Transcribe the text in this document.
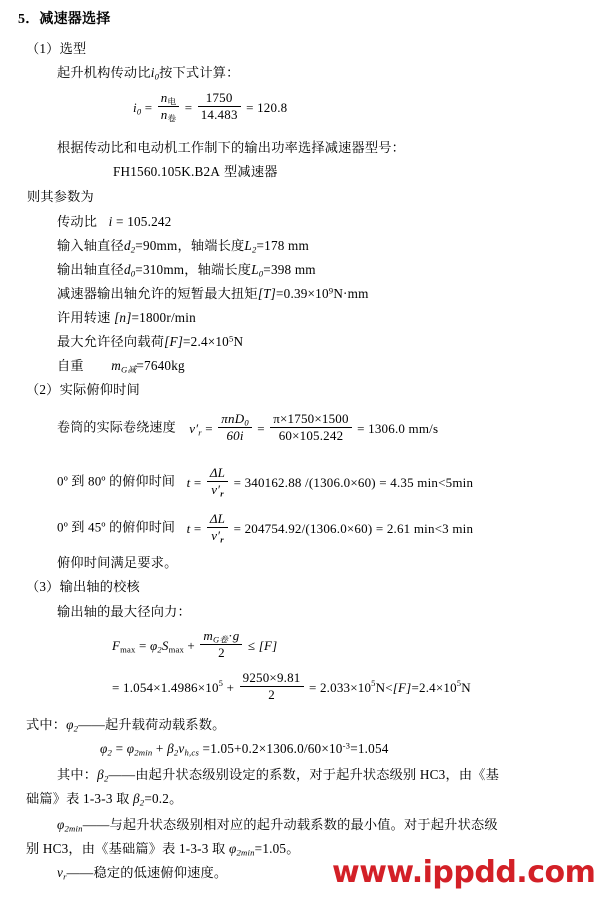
5．减速器选择
（1）选型
起升机构传动比$i_0$按下式计算：
$i_0 = \frac{n_电}{n_卷} = \frac{1750}{14.483} = 120.8$
根据传动比和电动机工作制下的输出功率选择减速器型号：
FH1560.105K.B2A 型减速器
则其参数为
传动比 i = 105.242
输入轴直径$d_2=90mm$，轴端长度$L_2=178$ mm
输出轴直径$d_0=310mm$，轴端长度$L_0=398$ mm
减速器输出轴允许的短暂最大扭矩$[T]=0.39\times 10^9N\cdot mm$
许用转速 [n]=1800r/min
最大允许径向载荷$[F]=2.4\times 10^5N$
自重 $m_{G减}=7640kg$
（2）实际俯仰时间
卷筒的实际卷绕速度 $v'_r = \frac{\pi nD_0}{60i} = \frac{\pi\times 1750\times 1500}{60\times 105.242} = 1306.0$ mm/s
0º 到 80º 的俯仰时间 $t = \frac{\Delta L}{v'_r} = 340162.88$ /(1306.0×60) = 4.35 min<5min
0º 到 45º 的俯仰时间 $t = \frac{\Delta L}{v'_r} = 204754.92/(1306.0\times 60) = 2.61$ min<3 min
俯仰时间满足要求。
（3）输出轴的校核
输出轴的最大径向力：
$F_{max} = \varphi_2S_{max} + \frac{m_{G卷}\cdot g}{2} \le [F]$
= $1.054\times 1.4986\times 10^5 + \frac{9250\times 9.81}{2} = 2.033\times 10^5N<[F]=2.4\times 10^5N$
式中：$\varphi_2——$起升载荷动载系数。
$\varphi_2 = \varphi_{2min} + \beta_2v_{h,cs} =1.05+0.2\times 1306.0/60\times 10^{-3}=1.054$
其中：$\beta_2——$由起升状态级别设定的系数，对于起升状态级别 HC3，由《基
础篇》表 1-3-3 取 $\beta_2=0.2$。
$\varphi_{2min}——$与起升状态级别相对应的起升动载系数的最小值。对于起升状态级
别 HC3，由《基础篇》表 1-3-3 取 $\varphi_{2min}=1.05$。
$v_r——$稳定的低速俯仰速度。	www.ippdd.com
